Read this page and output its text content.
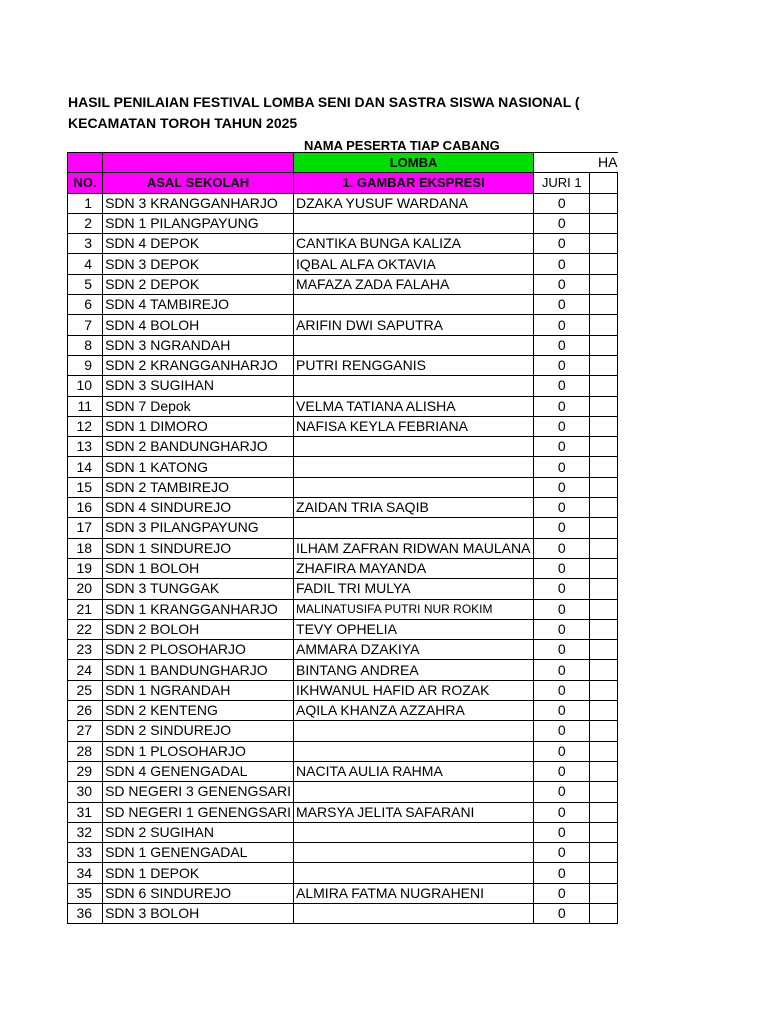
HASIL PENILAIAN FESTIVAL LOMBA SENI DAN SASTRA SISWA NASIONAL (
KECAMATAN TOROH TAHUN 2025
NAMA PESERTA TIAP CABANG
		LOMBA	HA	
NO.	ASAL SEKOLAH	1. GAMBAR EKSPRESI	JURI 1	
1	SDN 3 KRANGGANHARJO	DZAKA YUSUF WARDANA	0	
2	SDN 1 PILANGPAYUNG		0	
3	SDN 4 DEPOK	CANTIKA BUNGA KALIZA	0	
4	SDN 3 DEPOK	IQBAL ALFA OKTAVIA	0	
5	SDN 2 DEPOK	MAFAZA ZADA FALAHA	0	
6	SDN 4 TAMBIREJO		0	
7	SDN 4 BOLOH	ARIFIN DWI SAPUTRA	0	
8	SDN 3 NGRANDAH		0	
9	SDN 2 KRANGGANHARJO	PUTRI RENGGANIS	0	
10	SDN 3 SUGIHAN		0	
11	SDN 7 Depok	VELMA TATIANA ALISHA	0	
12	SDN 1 DIMORO	NAFISA KEYLA FEBRIANA	0	
13	SDN 2 BANDUNGHARJO		0	
14	SDN 1 KATONG		0	
15	SDN 2 TAMBIREJO		0	
16	SDN 4 SINDUREJO	ZAIDAN TRIA SAQIB	0	
17	SDN 3 PILANGPAYUNG		0	
18	SDN 1 SINDUREJO	ILHAM ZAFRAN RIDWAN MAULANA	0	
19	SDN 1 BOLOH	ZHAFIRA MAYANDA	0	
20	SDN 3 TUNGGAK	FADIL TRI MULYA	0	
21	SDN 1 KRANGGANHARJO	MALINATUSIFA PUTRI NUR ROKIM	0	
22	SDN 2 BOLOH	TEVY OPHELIA	0	
23	SDN 2 PLOSOHARJO	AMMARA DZAKIYA	0	
24	SDN 1 BANDUNGHARJO	BINTANG ANDREA	0	
25	SDN 1 NGRANDAH	IKHWANUL HAFID AR ROZAK	0	
26	SDN 2 KENTENG	AQILA KHANZA AZZAHRA	0	
27	SDN 2 SINDUREJO		0	
28	SDN 1 PLOSOHARJO		0	
29	SDN 4 GENENGADAL	NACITA AULIA RAHMA	0	
30	SD NEGERI 3 GENENGSARI		0	
31	SD NEGERI 1 GENENGSARI	MARSYA JELITA SAFARANI	0	
32	SDN 2 SUGIHAN		0	
33	SDN 1 GENENGADAL		0	
34	SDN 1 DEPOK		0	
35	SDN 6 SINDUREJO	ALMIRA FATMA NUGRAHENI	0	
36	SDN 3 BOLOH		0	
